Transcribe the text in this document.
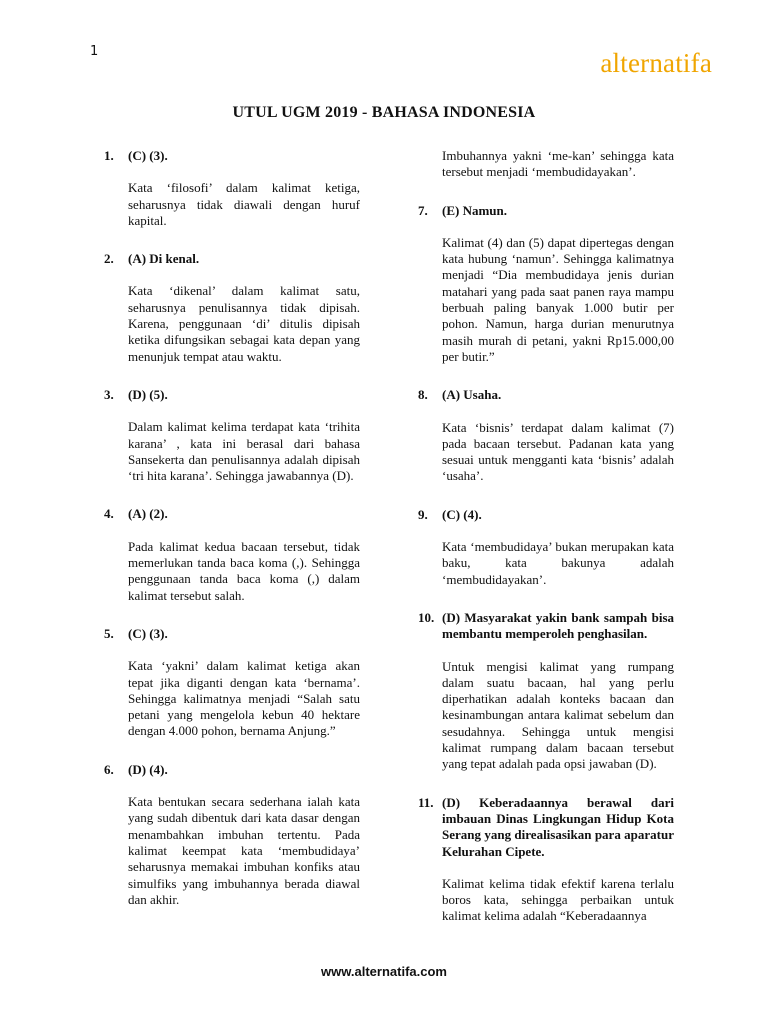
1	alternatifa
UTUL UGM 2019 - BAHASA INDONESIA
1.	(C) (3).
Kata ‘filosofi’ dalam kalimat ketiga, seharusnya tidak diawali dengan huruf kapital.
2.	(A) Di kenal.
Kata ‘dikenal’ dalam kalimat satu, seharusnya penulisannya tidak dipisah. Karena, penggunaan ‘di’ ditulis dipisah ketika difungsikan sebagai kata depan yang menunjuk tempat atau waktu.
3.	(D) (5).
Dalam kalimat kelima terdapat kata ‘trihita karana’ , kata ini berasal dari bahasa Sansekerta dan penulisannya adalah dipisah ‘tri hita karana’. Sehingga jawabannya (D).
4.	(A) (2).
Pada kalimat kedua bacaan tersebut, tidak memerlukan tanda baca koma (,). Sehingga penggunaan tanda baca koma (,) dalam kalimat tersebut salah.
5.	(C) (3).
Kata ‘yakni’ dalam kalimat ketiga akan tepat jika diganti dengan kata ‘bernama’. Sehingga kalimatnya menjadi “Salah satu petani yang mengelola kebun 40 hektare dengan 4.000 pohon, bernama Anjung.”
6.	(D) (4).
Kata bentukan secara sederhana ialah kata yang sudah dibentuk dari kata dasar dengan menambahkan imbuhan tertentu. Pada kalimat keempat kata ‘membudidaya’ seharusnya memakai imbuhan konfiks atau simulfiks yang imbuhannya berada diawal dan akhir.
Imbuhannya yakni ‘me-kan’ sehingga kata tersebut menjadi ‘membudidayakan’.
7.	(E) Namun.
Kalimat (4) dan (5) dapat dipertegas dengan kata hubung ‘namun’. Sehingga kalimatnya menjadi “Dia membudidaya jenis durian matahari yang pada saat panen raya mampu berbuah paling banyak 1.000 butir per pohon. Namun, harga durian menurutnya masih murah di petani, yakni Rp15.000,00 per butir.”
8.	(A) Usaha.
Kata ‘bisnis’ terdapat dalam kalimat (7) pada bacaan tersebut. Padanan kata yang sesuai untuk mengganti kata ‘bisnis’ adalah ‘usaha’.
9.	(C) (4).
Kata ‘membudidaya’ bukan merupakan kata baku, kata bakunya adalah ‘membudidayakan’.
10. (D) Masyarakat yakin bank sampah bisa membantu memperoleh penghasilan.
Untuk mengisi kalimat yang rumpang dalam suatu bacaan, hal yang perlu diperhatikan adalah konteks bacaan dan kesinambungan antara kalimat sebelum dan sesudahnya. Sehingga untuk mengisi kalimat rumpang dalam bacaan tersebut yang tepat adalah pada opsi jawaban (D).
11. (D) Keberadaannya berawal dari imbauan Dinas Lingkungan Hidup Kota Serang yang direalisasikan para aparatur Kelurahan Cipete.
Kalimat kelima tidak efektif karena terlalu boros kata, sehingga perbaikan untuk kalimat kelima adalah “Keberadaannya
www.alternatifa.com
